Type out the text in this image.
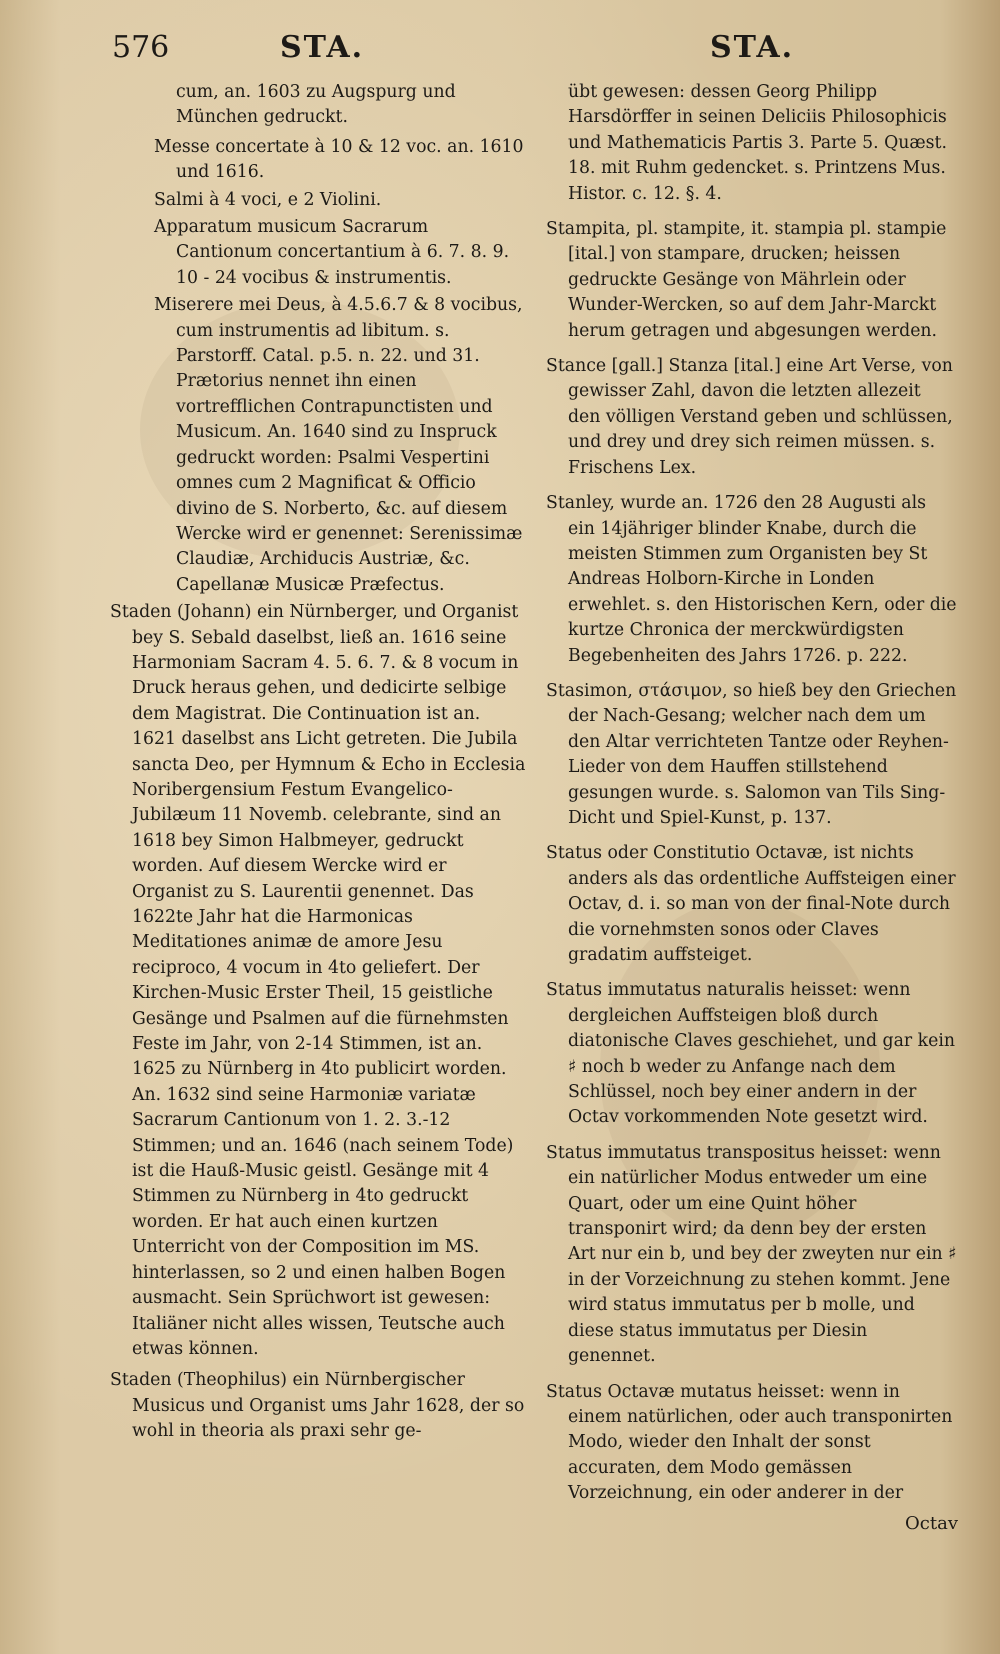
576	STA.	STA.

cum, an. 1603 zu Augspurg und München gedruckt.

Messe concertate à 10 & 12 voc. an. 1610 und 1616.

Salmi à 4 voci, e 2 Violini.

Apparatum musicum Sacrarum Cantionum concertantium à 6. 7. 8. 9. 10 - 24 vocibus & instrumentis.

Miserere mei Deus, à 4.5.6.7 & 8 vocibus, cum instrumentis ad libitum. s. Parstorff. Catal. p.5. n. 22. und 31. Prætorius nennet ihn einen vortrefflichen Contrapunctisten und Musicum. An. 1640 sind zu Inspruck gedruckt worden: Psalmi Vespertini omnes cum 2 Magnificat & Officio divino de S. Norberto, &c. auf diesem Wercke wird er genennet: Serenissimæ Claudiæ, Archiducis Austriæ, &c. Capellanæ Musicæ Præfectus.

Staden (Johann) ein Nürnberger, und Organist bey S. Sebald daselbst, ließ an. 1616 seine Harmoniam Sacram 4. 5. 6. 7. & 8 vocum in Druck heraus gehen, und dedicirte selbige dem Magistrat. Die Continuation ist an. 1621 daselbst ans Licht getreten. Die Jubila sancta Deo, per Hymnum & Echo in Ecclesia Noribergensium Festum Evangelico-Jubilæum 11 Novemb. celebrante, sind an 1618 bey Simon Halbmeyer, gedruckt worden. Auf diesem Wercke wird er Organist zu S. Laurentii genennet. Das 1622te Jahr hat die Harmonicas Meditationes animæ de amore Jesu reciproco, 4 vocum in 4to geliefert. Der Kirchen-Music Erster Theil, 15 geistliche Gesänge und Psalmen auf die fürnehmsten Feste im Jahr, von 2-14 Stimmen, ist an. 1625 zu Nürnberg in 4to publicirt worden. An. 1632 sind seine Harmoniæ variatæ Sacrarum Cantionum von 1. 2. 3.-12 Stimmen; und an. 1646 (nach seinem Tode) ist die Hauß-Music geistl. Gesänge mit 4 Stimmen zu Nürnberg in 4to gedruckt worden. Er hat auch einen kurtzen Unterricht von der Composition im MS. hinterlassen, so 2 und einen halben Bogen ausmacht. Sein Sprüchwort ist gewesen: Italiäner nicht alles wissen, Teutsche auch etwas können.

Staden (Theophilus) ein Nürnbergischer Musicus und Organist ums Jahr 1628, der so wohl in theoria als praxi sehr ge-

übt gewesen: dessen Georg Philipp Harsdörffer in seinen Deliciis Philosophicis und Mathematicis Partis 3. Parte 5. Quæst. 18. mit Ruhm gedencket. s. Printzens Mus. Histor. c. 12. §. 4.

Stampita, pl. stampite, it. stampia pl. stampie [ital.] von stampare, drucken; heissen gedruckte Gesänge von Mährlein oder Wunder-Wercken, so auf dem Jahr-Marckt herum getragen und abgesungen werden.

Stance [gall.] Stanza [ital.] eine Art Verse, von gewisser Zahl, davon die letzten allezeit den völligen Verstand geben und schlüssen, und drey und drey sich reimen müssen. s. Frischens Lex.

Stanley, wurde an. 1726 den 28 Augusti als ein 14jähriger blinder Knabe, durch die meisten Stimmen zum Organisten bey St Andreas Holborn-Kirche in Londen erwehlet. s. den Historischen Kern, oder die kurtze Chronica der merckwürdigsten Begebenheiten des Jahrs 1726. p. 222.

Stasimon, στάσιμον, so hieß bey den Griechen der Nach-Gesang; welcher nach dem um den Altar verrichteten Tantze oder Reyhen-Lieder von dem Hauffen stillstehend gesungen wurde. s. Salomon van Tils Sing-Dicht und Spiel-Kunst, p. 137.

Status oder Constitutio Octavæ, ist nichts anders als das ordentliche Auffsteigen einer Octav, d. i. so man von der final-Note durch die vornehmsten sonos oder Claves gradatim auffsteiget.

Status immutatus naturalis heisset: wenn dergleichen Auffsteigen bloß durch diatonische Claves geschiehet, und gar kein ♯ noch b weder zu Anfange nach dem Schlüssel, noch bey einer andern in der Octav vorkommenden Note gesetzt wird.

Status immutatus transpositus heisset: wenn ein natürlicher Modus entweder um eine Quart, oder um eine Quint höher transponirt wird; da denn bey der ersten Art nur ein b, und bey der zweyten nur ein ♯ in der Vorzeichnung zu stehen kommt. Jene wird status immutatus per b molle, und diese status immutatus per Diesin genennet.

Status Octavæ mutatus heisset: wenn in einem natürlichen, oder auch transponirten Modo, wieder den Inhalt der sonst accuraten, dem Modo gemässen Vorzeichnung, ein oder anderer in der

Octav
